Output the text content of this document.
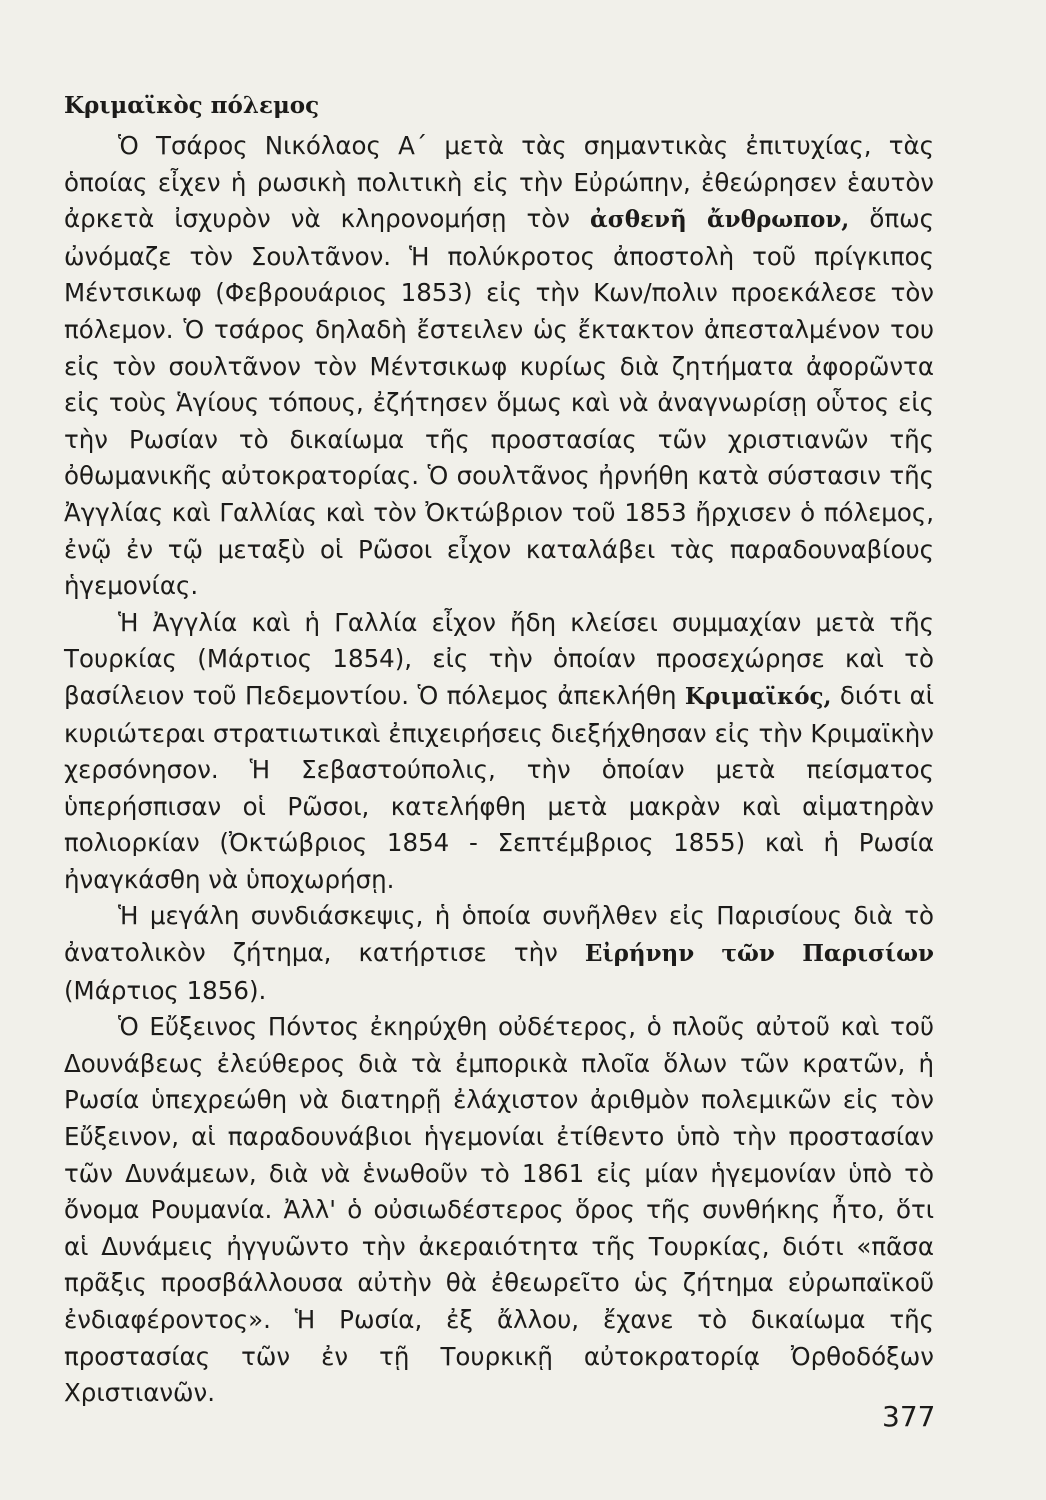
Κριμαϊκὸς πόλεμος

Ὁ Τσάρος Νικόλαος Α΄ μετὰ τὰς σημαντικὰς ἐπιτυχίας, τὰς ὁποίας εἶχεν ἡ ρωσικὴ πολιτικὴ εἰς τὴν Εὐρώπην, ἐθεώρησεν ἑαυτὸν ἀρκετὰ ἰσχυρὸν νὰ κληρονομήσῃ τὸν ἀσθενῆ ἄνθρωπον, ὅπως ὠνόμαζε τὸν Σουλτᾶνον. Ἡ πολύκροτος ἀποστολὴ τοῦ πρίγκιπος Μέντσικωφ (Φεβρουάριος 1853) εἰς τὴν Κων/πολιν προεκάλεσε τὸν πόλεμον. Ὁ τσάρος δηλαδὴ ἔστειλεν ὡς ἔκτακτον ἀπεσταλμένον του εἰς τὸν σουλτᾶνον τὸν Μέντσικωφ κυρίως διὰ ζητήματα ἀφορῶντα εἰς τοὺς Ἁγίους τόπους, ἐζήτησεν ὅμως καὶ νὰ ἀναγνωρίσῃ οὗτος εἰς τὴν Ρωσίαν τὸ δικαίωμα τῆς προστασίας τῶν χριστιανῶν τῆς ὀθωμανικῆς αὐτοκρατορίας. Ὁ σουλτᾶνος ἠρνήθη κατὰ σύστασιν τῆς Ἀγγλίας καὶ Γαλλίας καὶ τὸν Ὀκτώβριον τοῦ 1853 ἤρχισεν ὁ πόλεμος, ἐνῷ ἐν τῷ μεταξὺ οἱ Ρῶσοι εἶχον καταλάβει τὰς παραδουναβίους ἡγεμονίας.

Ἡ Ἀγγλία καὶ ἡ Γαλλία εἶχον ἤδη κλείσει συμμαχίαν μετὰ τῆς Τουρκίας (Μάρτιος 1854), εἰς τὴν ὁποίαν προσεχώρησε καὶ τὸ βασίλειον τοῦ Πεδεμοντίου. Ὁ πόλεμος ἀπεκλήθη Κριμαϊκός, διότι αἱ κυριώτεραι στρατιωτικαὶ ἐπιχειρήσεις διεξήχθησαν εἰς τὴν Κριμαϊκὴν χερσόνησον. Ἡ Σεβαστούπολις, τὴν ὁποίαν μετὰ πείσματος ὑπερήσπισαν οἱ Ρῶσοι, κατελήφθη μετὰ μακρὰν καὶ αἱματηρὰν πολιορκίαν (Ὀκτώβριος 1854 - Σεπτέμβριος 1855) καὶ ἡ Ρωσία ἠναγκάσθη νὰ ὑποχωρήσῃ.

Ἡ μεγάλη συνδιάσκεψις, ἡ ὁποία συνῆλθεν εἰς Παρισίους διὰ τὸ ἀνατολικὸν ζήτημα, κατήρτισε τὴν Εἰρήνην τῶν Παρισίων (Μάρτιος 1856).

Ὁ Εὔξεινος Πόντος ἐκηρύχθη οὐδέτερος, ὁ πλοῦς αὐτοῦ καὶ τοῦ Δουνάβεως ἐλεύθερος διὰ τὰ ἐμπορικὰ πλοῖα ὅλων τῶν κρατῶν, ἡ Ρωσία ὑπεχρεώθη νὰ διατηρῇ ἐλάχιστον ἀριθμὸν πολεμικῶν εἰς τὸν Εὔξεινον, αἱ παραδουνάβιοι ἡγεμονίαι ἐτίθεντο ὑπὸ τὴν προστασίαν τῶν Δυνάμεων, διὰ νὰ ἑνωθοῦν τὸ 1861 εἰς μίαν ἡγεμονίαν ὑπὸ τὸ ὄνομα Ρουμανία. Ἀλλ' ὁ οὐσιωδέστερος ὅρος τῆς συνθήκης ἦτο, ὅτι αἱ Δυνάμεις ἠγγυῶντο τὴν ἀκεραιότητα τῆς Τουρκίας, διότι «πᾶσα πρᾶξις προσβάλλουσα αὐτὴν θὰ ἐθεωρεῖτο ὡς ζήτημα εὐρωπαϊκοῦ ἐνδιαφέροντος». Ἡ Ρωσία, ἐξ ἄλλου, ἔχανε τὸ δικαίωμα τῆς προστασίας τῶν ἐν τῇ Τουρκικῇ αὐτοκρατορίᾳ Ὀρθοδόξων Χριστιανῶν.

377
